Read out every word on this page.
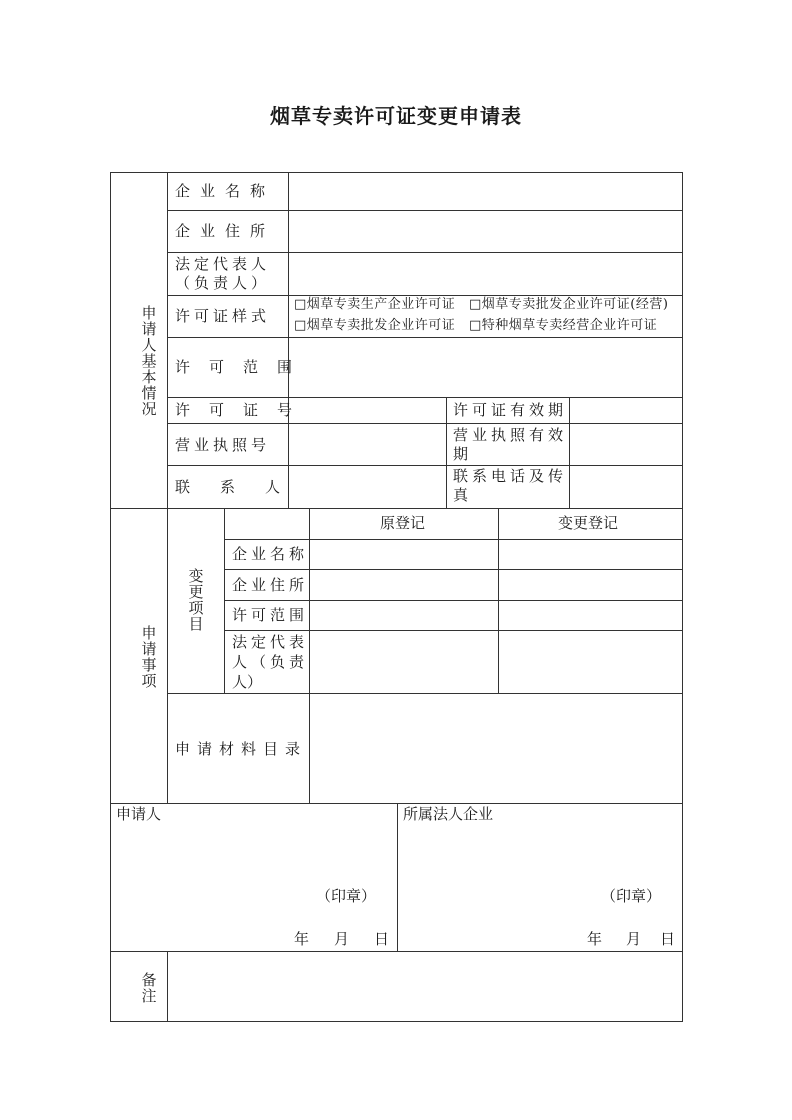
烟草专卖许可证变更申请表
申请人基本情况
企业名称
企业住所
法定代表人
（负责人）
许可证样式
□烟草专卖生产企业许可证 □烟草专卖批发企业许可证(经营)
□烟草专卖批发企业许可证 □特种烟草专卖经营企业许可证
许可范围
许可证号	许可证有效期
营业执照号
营业执照有效
期
联系人
联系电话及传
真
申请事项
变更项目
原登记	变更登记
企业名称
企业住所
许可范围
法定代表
人（负责
人）
申请材料目录
申请人
（印章）
年 月 日
所属法人企业
（印章）
年 月 日
备注
